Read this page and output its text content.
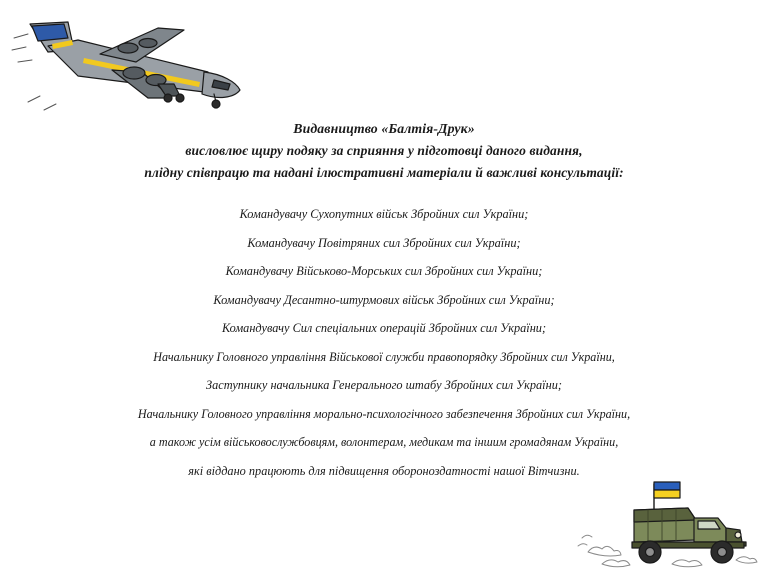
Видавництво «Балтія-Друк»
висловлює щиру подяку за сприяння у підготовці даного видання,
плідну співпрацю та надані ілюстративні матеріали й важливі консультації:
Командувачу Сухопутних військ Збройних сил України;
Командувачу Повітряних сил Збройних сил України;
Командувачу Військово-Морських сил Збройних сил України;
Командувачу Десантно-штурмових військ Збройних сил України;
Командувачу Сил спеціальних операцій Збройних сил України;
Начальнику Головного управління Військової служби правопорядку Збройних сил України,
Заступнику начальника Генерального штабу Збройних сил України;
Начальнику Головного управління морально-психологічного забезпечення Збройних сил України,
а також усім військовослужбовцям, волонтерам, медикам та іншим громадянам України,
які віддано працюють для підвищення обороноздатності нашої Вітчизни.
